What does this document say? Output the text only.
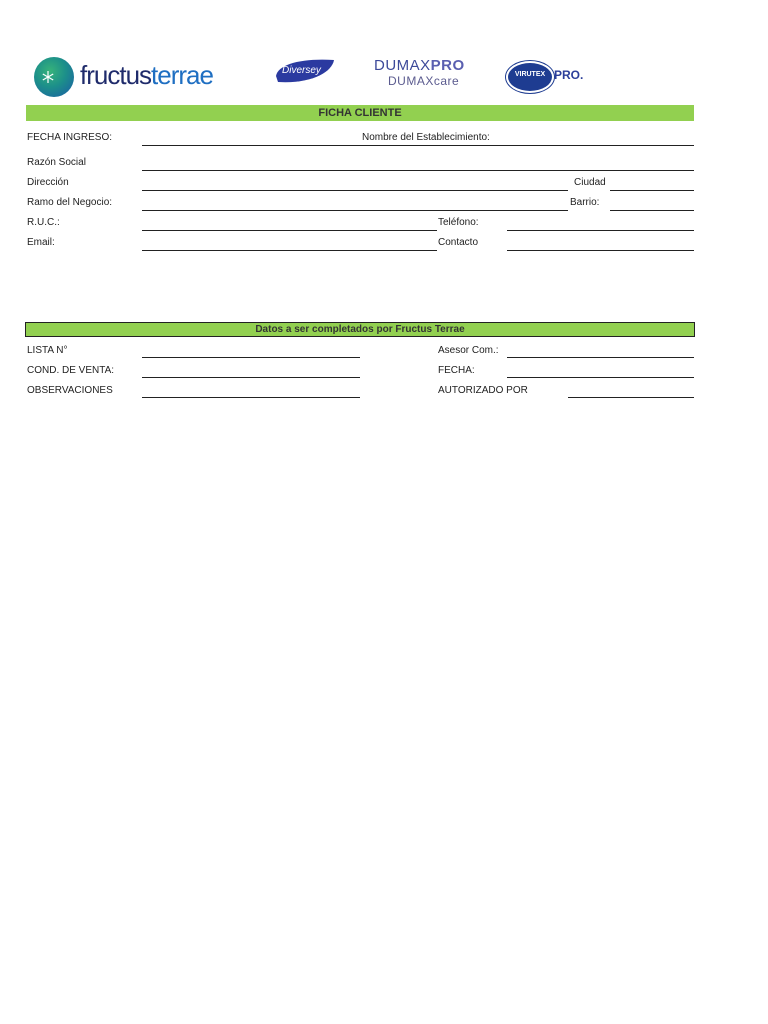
fructusterrae	Diversey	DUMAXPRO
DUMAXcare	VIRUTEX PRO.
FICHA CLIENTE
FECHA INGRESO:	Nombre del Establecimiento:
Razón Social
Dirección	Ciudad
Ramo del Negocio:	Barrio:
R.U.C.:	Teléfono:
Email:	Contacto
Datos a ser completados por Fructus Terrae
LISTA N°	Asesor Com.:
COND. DE VENTA:	FECHA:
OBSERVACIONES	AUTORIZADO POR
